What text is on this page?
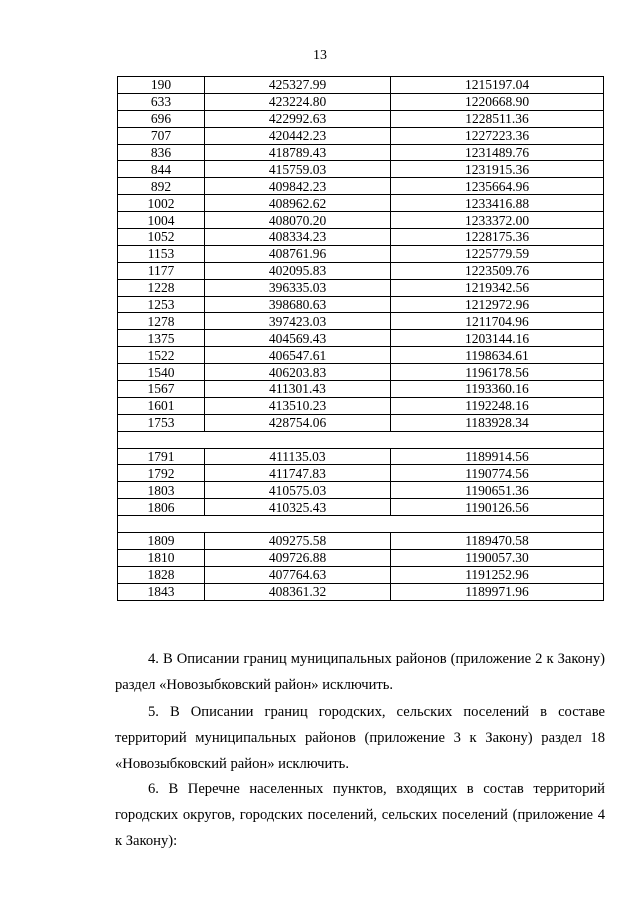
13
190	425327.99	1215197.04
633	423224.80	1220668.90
696	422992.63	1228511.36
707	420442.23	1227223.36
836	418789.43	1231489.76
844	415759.03	1231915.36
892	409842.23	1235664.96
1002	408962.62	1233416.88
1004	408070.20	1233372.00
1052	408334.23	1228175.36
1153	408761.96	1225779.59
1177	402095.83	1223509.76
1228	396335.03	1219342.56
1253	398680.63	1212972.96
1278	397423.03	1211704.96
1375	404569.43	1203144.16
1522	406547.61	1198634.61
1540	406203.83	1196178.56
1567	411301.43	1193360.16
1601	413510.23	1192248.16
1753	428754.06	1183928.34

1791	411135.03	1189914.56
1792	411747.83	1190774.56
1803	410575.03	1190651.36
1806	410325.43	1190126.56

1809	409275.58	1189470.58
1810	409726.88	1190057.30
1828	407764.63	1191252.96
1843	408361.32	1189971.96
4. В Описании границ муниципальных районов (приложение 2 к Закону) раздел «Новозыбковский район» исключить.
5. В Описании границ городских, сельских поселений в составе территорий муниципальных районов (приложение 3 к Закону) раздел 18 «Новозыбковский район» исключить.
6. В Перечне населенных пунктов, входящих в состав территорий городских округов, городских поселений, сельских поселений (приложение 4 к Закону):
